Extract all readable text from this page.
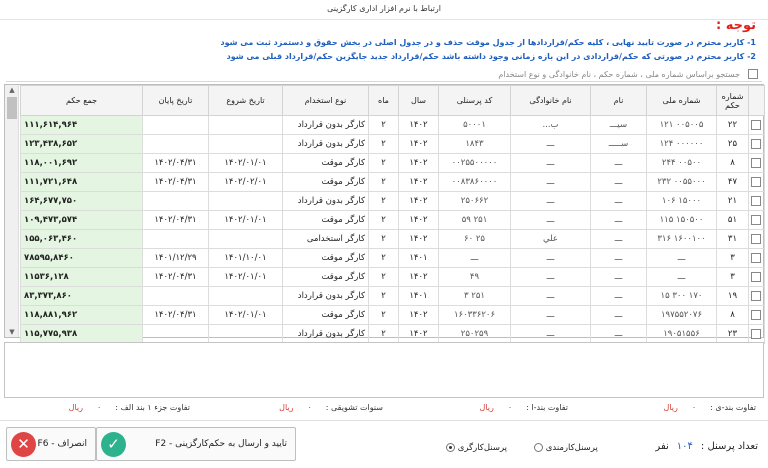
ارتباط با نرم افزار اداری کارگزینی
توجه :
1- کاربر محترم در صورت تایید نهایی ، کلیه حکم/قراردادها از جدول موقت حذف و در جدول اصلی در بخش حقوق و دستمزد ثبت می شود
2- کاربر محترم در صورتی که حکم/قراردادی در این بازه زمانی وجود داشته باشد حکم/قرارداد جدید جایگزین حکم/قرارداد قبلی می شود
جستجو براساس شماره ملی ، شماره حکم ، نام خانوادگی و نوع استخدام
▲
▼
	شماره حکم	شماره ملی	نام	نام خانوادگی	کد پرسنلی	سال	ماه	نوع استخدام	تاریخ شروع	تاریخ پایان	جمع حکم
	۲۲	۰۰۵۰۰۵ ۱۲۱	سیـــ	ب...	۵۰۰۰۱	۱۴۰۲	۲	کارگر بدون قرارداد			۱۱۱,۶۱۴,۹۶۴
	۲۵	۰۰۰۰۰۰ ۱۲۴	ســـــ	ـــ	۱۸۴۳	۱۴۰۲	۲	کارگر بدون قرارداد			۱۲۳,۴۳۸,۶۵۲
	۸	۰۰۵۰۰ ۲۴۴	ـــ	ـــ	۰۰۲۵۵۰۰۰۰۰	۱۴۰۲	۲	کارگر موقت	۱۴۰۲/۰۱/۰۱	۱۴۰۲/۰۴/۳۱	۱۱۸,۰۰۱,۶۹۲
	۴۷	۰۰۵۵۰۰۰ ۲۳۲	ـــ	ـــ	۰۰۸۳۸۶۰۰۰۰	۱۴۰۲	۲	کارگر موقت	۱۴۰۲/۰۲/۰۱	۱۴۰۲/۰۴/۳۱	۱۱۱,۷۲۱,۶۴۸
	۲۱	۱۵۰۰۰ ۱۰۶	ـــ	ـــ	۲۵۰۶۶۲	۱۴۰۲	۲	کارگر بدون قرارداد			۱۶۴,۶۷۷,۷۵۰
	۵۱	۱۵۰۵۰۰ ۱۱۵	ـــ	ـــ	۲۵۱ ۵۹	۱۴۰۲	۲	کارگر موقت	۱۴۰۲/۰۱/۰۱	۱۴۰۲/۰۴/۳۱	۱۰۹,۴۷۳,۵۷۴
	۳۱	۱۶۰۰۱۰۰ ۳۱۶	ـــ	علي	۲۵ ۶۰	۱۴۰۲	۲	کارگر استخدامی			۱۵۵,۰۶۳,۴۶۰
	۳	ـــ	ـــ	ـــ	ـــ	۱۴۰۱	۲	کارگر موقت	۱۴۰۱/۱۰/۰۱	۱۴۰۱/۱۲/۲۹	۷۸۵۹۵,۸۴۶۰
	۳	ـــ	ـــ	ـــ	۴۹	۱۴۰۲	۲	کارگر موقت	۱۴۰۲/۰۱/۰۱	۱۴۰۲/۰۴/۳۱	۱۱۵۳۶,۱۲۸
	۱۹	۱۷۰ ۳۰۰ ۱۵	ـــ	ـــ	۲۵۱ ۳	۱۴۰۱	۲	کارگر بدون قرارداد			۸۳,۳۷۳,۸۶۰
	۸	۱۹۷۵۵۲۰۷۶	ـــ	ـــ	۱۶۰۳۳۶۲۰۶	۱۴۰۲	۲	کارگر موقت	۱۴۰۲/۰۱/۰۱	۱۴۰۲/۰۴/۳۱	۱۱۸,۸۸۱,۹۶۲
	۲۳	۱۹۰۵۱۵۵۶	ـــ	ـــ	۲۵۰۲۵۹	۱۴۰۲	۲	کارگر بدون قرارداد			۱۱۵,۷۷۵,۹۳۸
تفاوت بند-ی :۰ریال
تفاوت بند-ا :۰ریال
سنوات تشویقی :۰ریال
تفاوت جزء ۱ بند الف :۰ریال
✕ انصراف - F6	✓	تایید و ارسال به حکم‌کارگزینی - F2	پرسنل‌کارگری	پرسنل‌کارمندی	تعداد پرسنل :۱۰۴نفر
